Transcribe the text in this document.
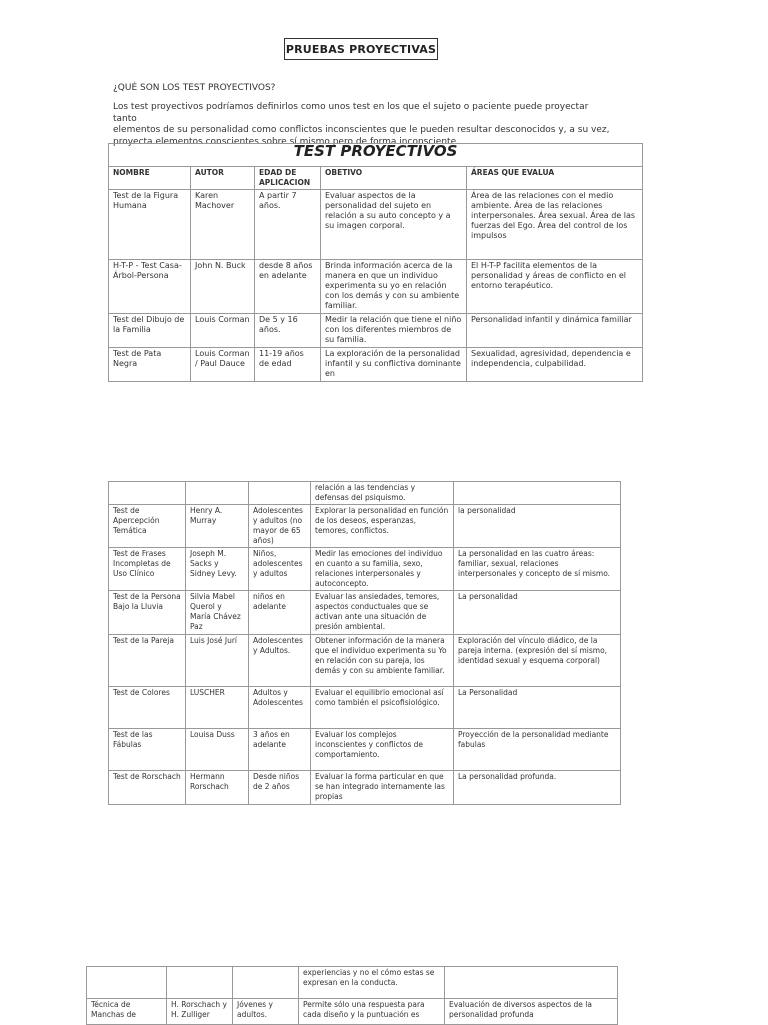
PRUEBAS PROYECTIVAS
¿QUÉ SON LOS TEST PROYECTIVOS?
Los test proyectivos podríamos definirlos como unos test en los que el sujeto o paciente puede proyectar tanto
elementos de su personalidad como conflictos inconscientes que le pueden resultar desconocidos y, a su vez,
proyecta elementos conscientes sobre sí mismo pero de forma inconsciente.
TEST PROYECTIVOS				
NOMBRE	AUTOR	EDAD DE APLICACION	OBETIVO	ÁREAS QUE EVALUA
Test de la Figura Humana	Karen Machover	A partir 7 años.	Evaluar aspectos de la personalidad del sujeto en relación a su auto concepto y a su imagen corporal.	Área de las relaciones con el medio ambiente. Área de las relaciones interpersonales. Área sexual. Área de las fuerzas del Ego. Área del control de los impulsos
H-T-P - Test Casa-Árbol-Persona	John N. Buck	desde 8 años en adelante	Brinda información acerca de la manera en que un individuo experimenta su yo en relación con los demás y con su ambiente familiar.	El H-T-P facilita elementos de la personalidad y áreas de conflicto en el entorno terapéutico.
Test del Dibujo de la Familia	Louis Corman	De 5 y 16 años.	Medir la relación que tiene el niño con los diferentes miembros de su familia.	Personalidad infantil y dinámica familiar
Test de Pata Negra	Louis Corman / Paul Dauce	11-19 años de edad	La exploración de la personalidad infantil y su conflictiva dominante en	Sexualidad, agresividad, dependencia e independencia, culpabilidad.
			relación a las tendencias y defensas del psiquismo.	
Test de Apercepción Temática	Henry A. Murray	Adolescentes y adultos (no mayor de 65 años)	Explorar la personalidad en función de los deseos, esperanzas, temores, conflictos.	la personalidad
Test de Frases Incompletas de Uso Clínico	Joseph M. Sacks y Sidney Levy.	Niños, adolescentes y adultos	Medir las emociones del individuo en cuanto a su familia, sexo, relaciones interpersonales y autoconcepto.	La personalidad en las cuatro áreas: familiar, sexual, relaciones interpersonales y concepto de sí mismo.
Test de la Persona Bajo la Lluvia	Silvia Mabel Querol y María Chávez Paz	niños en adelante	Evaluar las ansiedades, temores, aspectos conductuales que se activan ante una situación de presión ambiental.	La personalidad
Test de la Pareja	Luis José Jurí	Adolescentes y Adultos.	Obtener información de la manera que el individuo experimenta su Yo en relación con su pareja, los demás y con su ambiente familiar.	Exploración del vínculo diádico, de la pareja interna. (expresión del sí mismo, identidad sexual y esquema corporal)
Test de Colores	LUSCHER	Adultos y Adolescentes	Evaluar el equilibrio emocional así como también el psicofisiológico.	La Personalidad
Test de las Fábulas	Louisa Duss	3 años en adelante	Evaluar los complejos inconscientes y conflictos de comportamiento.	Proyección de la personalidad mediante fabulas
Test de Rorschach	Hermann Rorschach	Desde niños de 2 años	Evaluar la forma particular en que se han integrado internamente las propias	La personalidad profunda.
			experiencias y no el cómo estas se expresan en la conducta.	
Técnica de Manchas de	H. Rorschach y H. Zulliger	Jóvenes y adultos.	Permite sólo una respuesta para cada diseño y la puntuación es	Evaluación de diversos aspectos de la personalidad profunda
